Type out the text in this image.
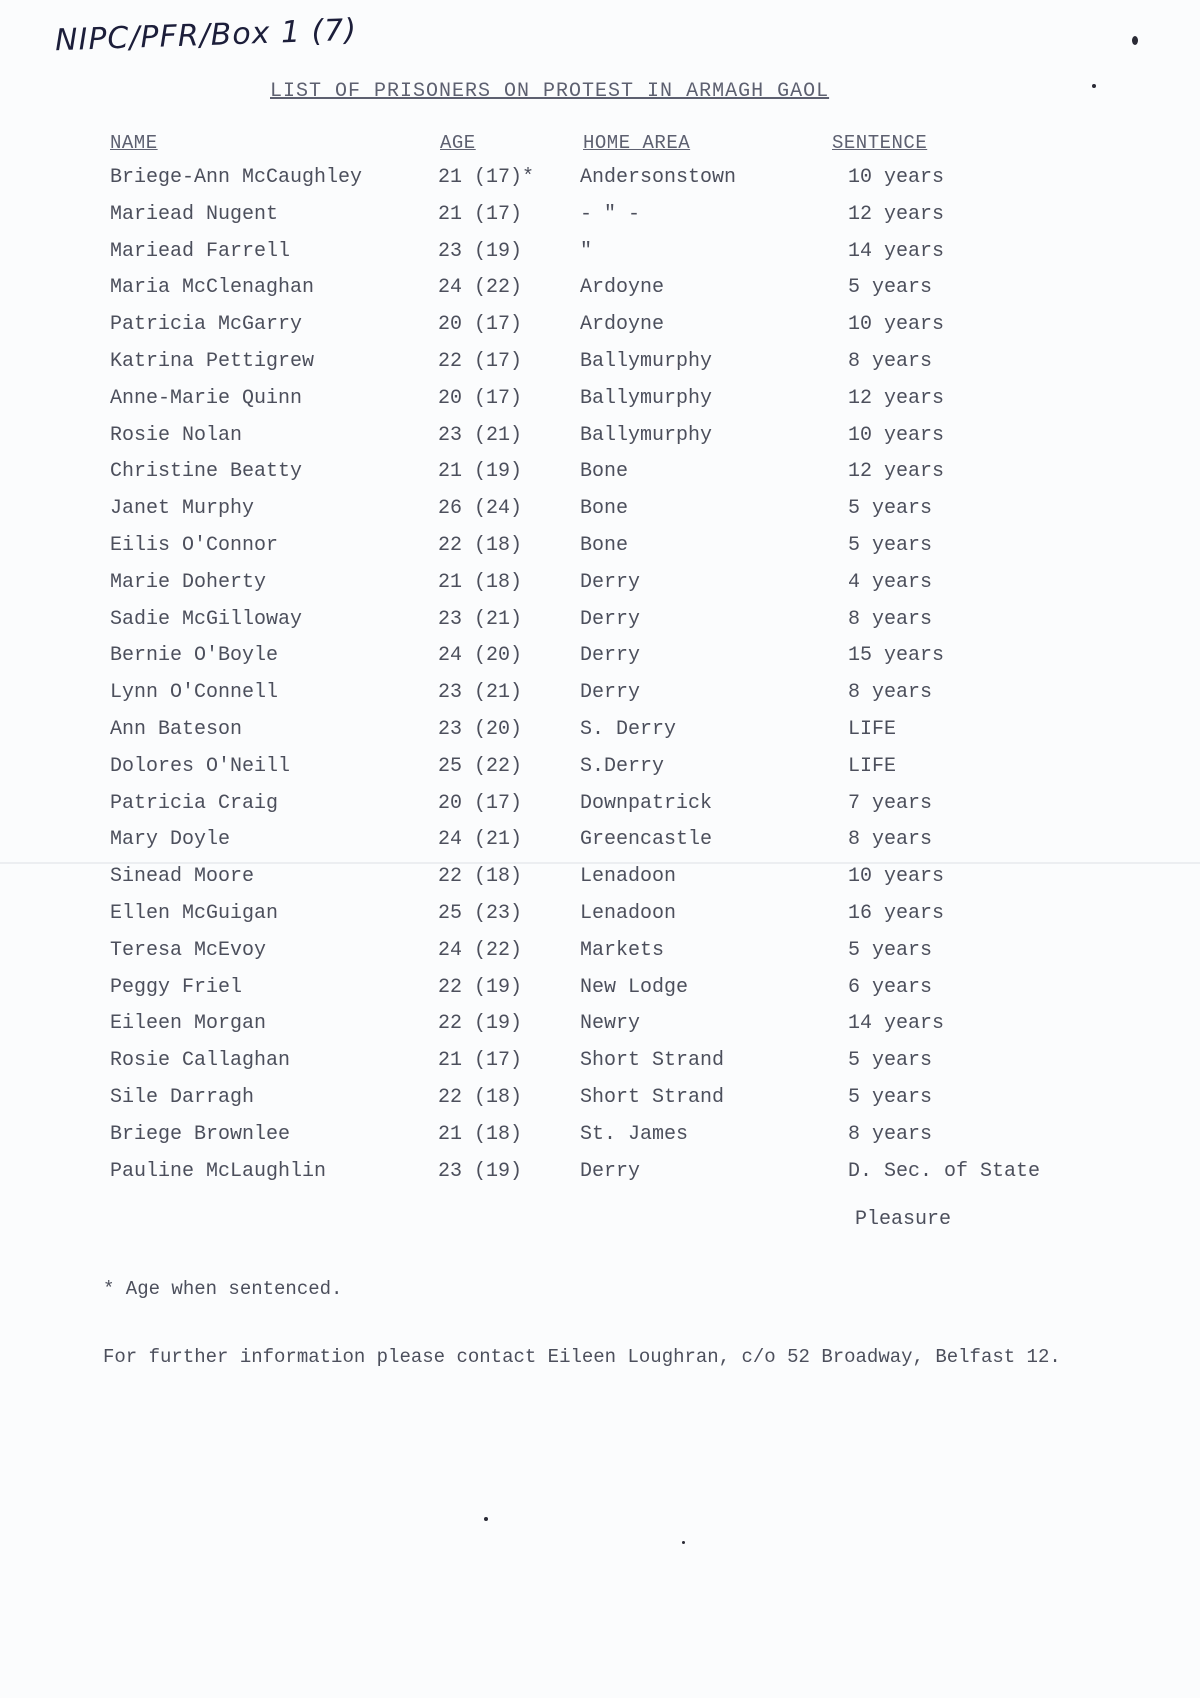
NIPC/PFR/Box 1 (7)
LIST OF PRISONERS ON PROTEST IN ARMAGH GAOL
NAME	AGE	HOME AREA	SENTENCE
Briege-Ann McCaughley	21 (17)* Andersonstown	10 years
Mariead Nugent	21 (17)	- " -	12 years
Mariead Farrell	23 (19)	"	14 years
Maria McClenaghan	24 (22)	Ardoyne	5 years
Patricia McGarry	20 (17)	Ardoyne	10 years
Katrina Pettigrew	22 (17)	Ballymurphy	8 years
Anne-Marie Quinn	20 (17)	Ballymurphy	12 years
Rosie Nolan	23 (21)	Ballymurphy	10 years
Christine Beatty	21 (19)	Bone	12 years
Janet Murphy	26 (24)	Bone	5 years
Eilis O'Connor	22 (18)	Bone	5 years
Marie Doherty	21 (18)	Derry	4 years
Sadie McGilloway	23 (21)	Derry	8 years
Bernie O'Boyle	24 (20)	Derry	15 years
Lynn O'Connell	23 (21)	Derry	8 years
Ann Bateson	23 (20)	S. Derry	LIFE
Dolores O'Neill	25 (22)	S.Derry	LIFE
Patricia Craig	20 (17)	Downpatrick	7 years
Mary Doyle	24 (21)	Greencastle	8 years
Sinead Moore	22 (18)	Lenadoon	10 years
Ellen McGuigan	25 (23)	Lenadoon	16 years
Teresa McEvoy	24 (22)	Markets	5 years
Peggy Friel	22 (19)	New Lodge	6 years
Eileen Morgan	22 (19)	Newry	14 years
Rosie Callaghan	21 (17)	Short Strand	5 years
Sile Darragh	22 (18)	Short Strand	5 years
Briege Brownlee	21 (18)	St. James	8 years
Pauline McLaughlin	23 (19)	Derry	D. Sec. of State
Pleasure
* Age when sentenced.
For further information please contact Eileen Loughran, c/o 52 Broadway, Belfast 12.
